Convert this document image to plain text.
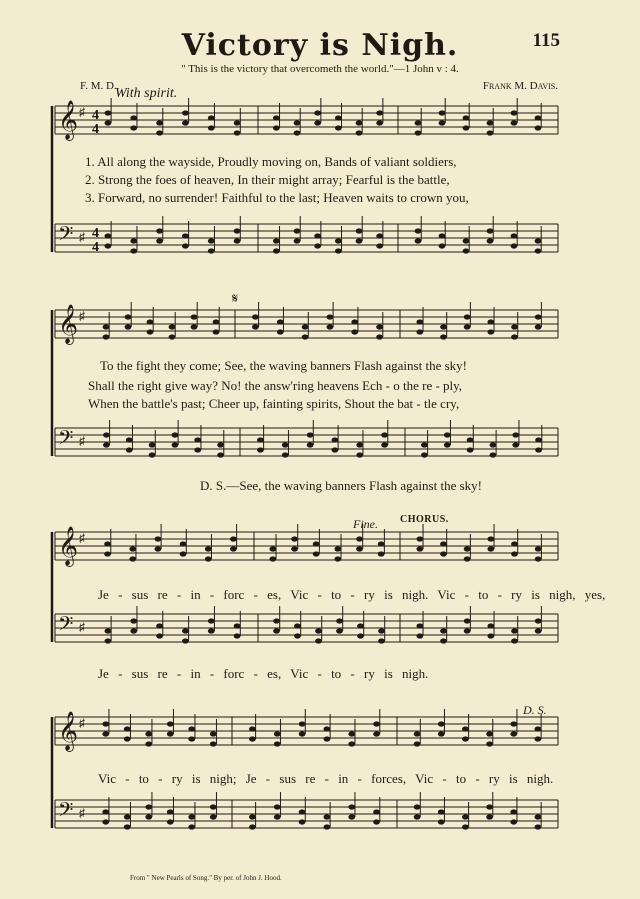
Victory is Nigh.	115
" This is the victory that overcometh the world."—1 John v : 4.
F. M. D.	Frank M. Davis.
With spirit.
𝄞 ♯
𝄢 ♯
𝄞 ♯
𝄢 ♯
𝄞 ♯
𝄢 ♯
𝄞 ♯
𝄢 ♯
4
4
4
4
𝄋
1. All along the wayside, Proudly moving on, Bands of valiant soldiers,
2. Strong the foes of heaven, In their might array; Fearful is the battle,
3. Forward, no surrender! Faithful to the last; Heaven waits to crown you,
To the fight they come; See, the waving banners Flash against the sky!
Shall the right give way? No! the answ'ring heavens Ech - o the re - ply,
When the battle's past; Cheer up, fainting spirits, Shout the bat - tle cry,
D. S.—See, the waving banners Flash against the sky!
Fine. CHORUS.
Je - sus re - in - forc - es, Vic - to - ry is nigh. Vic - to - ry is nigh, yes,
Je - sus re - in - forc - es, Vic - to - ry is nigh.
D. S.
Vic - to - ry is nigh; Je - sus re - in - forces, Vic - to - ry is nigh.
From " New Pearls of Song." By per. of John J. Hood.
